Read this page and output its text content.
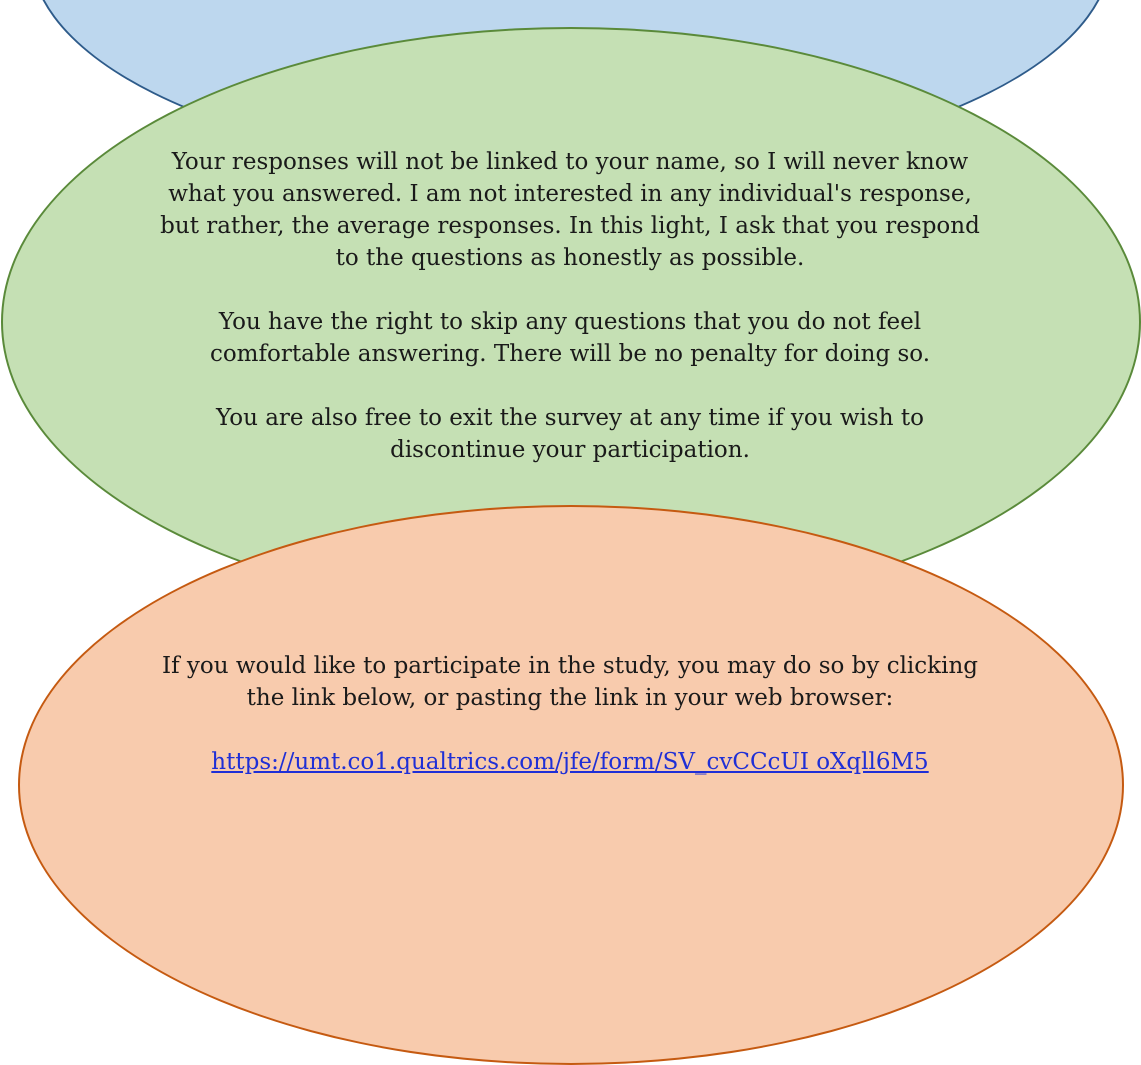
Your responses will not be linked to your name, so I will never know what you answered. I am not interested in any individual's response, but rather, the average responses. In this light, I ask that you respond to the questions as honestly as possible.

You have the right to skip any questions that you do not feel comfortable answering. There will be no penalty for doing so.

You are also free to exit the survey at any time if you wish to discontinue your participation.

If you would like to participate in the study, you may do so by clicking the link below, or pasting the link in your web browser:

https://umt.co1.qualtrics.com/jfe/form/SV_cvCCcUI oXqll6M5
